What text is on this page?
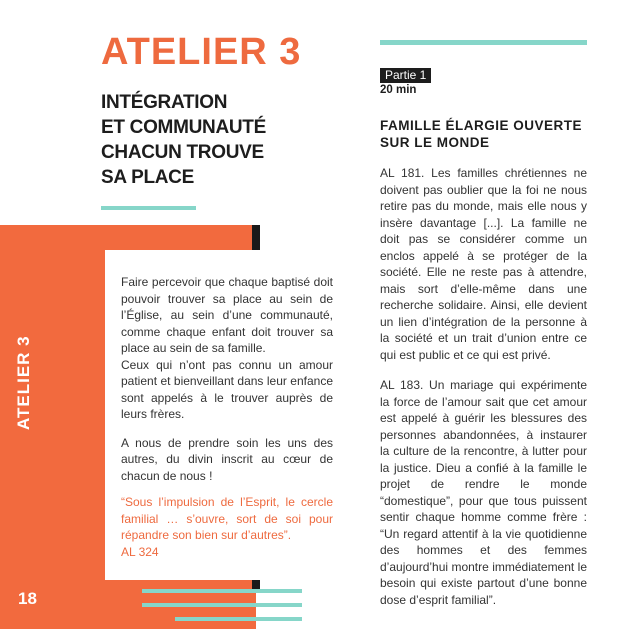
ATELIER 3
INTÉGRATION
ET COMMUNAUTÉ
CHACUN TROUVE
SA PLACE
ATELIER 3
18

Faire percevoir que chaque baptisé doit pouvoir trouver sa place au sein de l’Église, au sein d’une communauté, comme chaque enfant doit trouver sa place au sein de sa famille.

Ceux qui n’ont pas connu un amour patient et bienveillant dans leur enfance sont appelés à le trouver auprès de leurs frères.

A nous de prendre soin les uns des autres, du divin inscrit au cœur de chacun de nous !

“Sous l’impulsion de l’Esprit, le cercle familial … s’ouvre, sort de soi pour répandre son bien sur d’autres”.

AL 324

Partie 1
20 min
FAMILLE ÉLARGIE OUVERTE SUR LE MONDE

AL 181. Les familles chrétiennes ne doivent pas oublier que la foi ne nous retire pas du monde, mais elle nous y insère davantage [...]. La famille ne doit pas se considérer comme un enclos appelé à se protéger de la société. Elle ne reste pas à attendre, mais sort d’elle-même dans une recherche solidaire. Ainsi, elle devient un lien d’intégration de la personne à la société et un trait d’union entre ce qui est public et ce qui est privé.

AL 183. Un mariage qui expérimente la force de l’amour sait que cet amour est appelé à guérir les blessures des personnes abandonnées, à instaurer la culture de la rencontre, à lutter pour la justice. Dieu a confié à la famille le projet de rendre le monde “domestique”, pour que tous puissent sentir chaque homme comme frère : “Un regard attentif à la vie quotidienne des hommes et des femmes d’aujourd’hui montre immédiatement le besoin qui existe partout d’une bonne dose d’esprit familial”.
